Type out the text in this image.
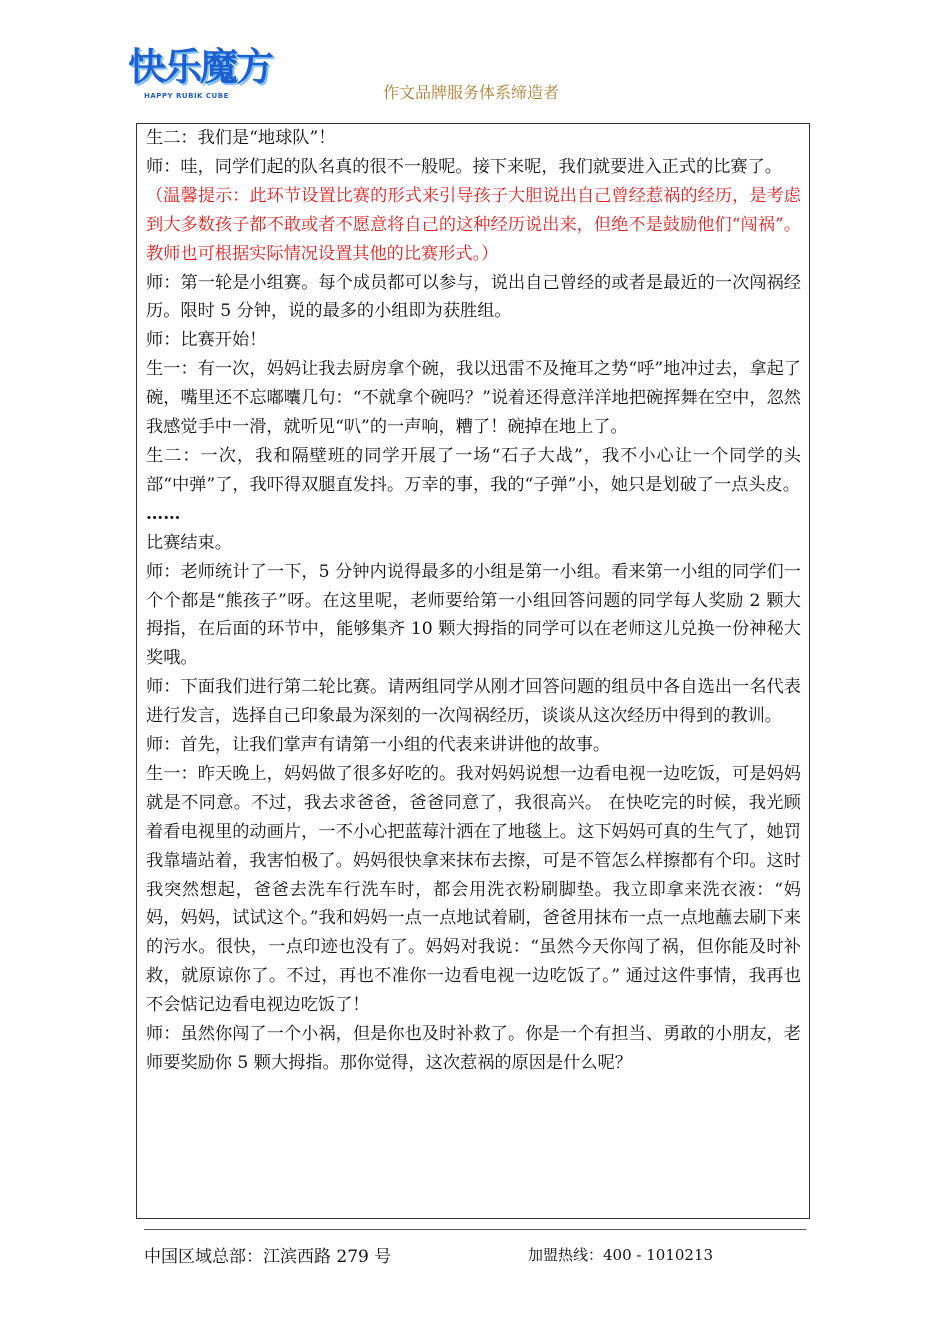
快乐魔方
HAPPY RUBIK CUBE	作文品牌服务体系缔造者

生二：我们是“地球队”！

师：哇，同学们起的队名真的很不一般呢。接下来呢，我们就要进入正式的比赛了。

（温馨提示：此环节设置比赛的形式来引导孩子大胆说出自己曾经惹祸的经历，是考虑到大多数孩子都不敢或者不愿意将自己的这种经历说出来，但绝不是鼓励他们“闯祸”。教师也可根据实际情况设置其他的比赛形式。）

师：第一轮是小组赛。每个成员都可以参与，说出自己曾经的或者是最近的一次闯祸经历。限时 5 分钟，说的最多的小组即为获胜组。

师：比赛开始！

生一：有一次，妈妈让我去厨房拿个碗，我以迅雷不及掩耳之势“呼”地冲过去，拿起了碗，嘴里还不忘嘟囔几句：“不就拿个碗吗？”说着还得意洋洋地把碗挥舞在空中，忽然我感觉手中一滑，就听见“叭”的一声响，糟了！碗掉在地上了。

生二：一次，我和隔壁班的同学开展了一场“石子大战”，我不小心让一个同学的头部“中弹”了，我吓得双腿直发抖。万幸的事，我的“子弹”小，她只是划破了一点头皮。

……

比赛结束。

师：老师统计了一下，5 分钟内说得最多的小组是第一小组。看来第一小组的同学们一个个都是“熊孩子”呀。在这里呢，老师要给第一小组回答问题的同学每人奖励 2 颗大拇指，在后面的环节中，能够集齐 10 颗大拇指的同学可以在老师这儿兑换一份神秘大奖哦。

师：下面我们进行第二轮比赛。请两组同学从刚才回答问题的组员中各自选出一名代表进行发言，选择自己印象最为深刻的一次闯祸经历，谈谈从这次经历中得到的教训。

师：首先，让我们掌声有请第一小组的代表来讲讲他的故事。

生一：昨天晚上，妈妈做了很多好吃的。我对妈妈说想一边看电视一边吃饭，可是妈妈就是不同意。不过，我去求爸爸，爸爸同意了，我很高兴。 在快吃完的时候，我光顾着看电视里的动画片，一不小心把蓝莓汁洒在了地毯上。这下妈妈可真的生气了，她罚我靠墙站着，我害怕极了。妈妈很快拿来抹布去擦，可是不管怎么样擦都有个印。这时我突然想起，爸爸去洗车行洗车时，都会用洗衣粉刷脚垫。我立即拿来洗衣液：“妈妈，妈妈，试试这个。”我和妈妈一点一点地试着刷，爸爸用抹布一点一点地蘸去刷下来的污水。很快，一点印迹也没有了。妈妈对我说：“虽然今天你闯了祸，但你能及时补救，就原谅你了。不过，再也不准你一边看电视一边吃饭了。” 通过这件事情，我再也不会惦记边看电视边吃饭了！

师：虽然你闯了一个小祸，但是你也及时补救了。你是一个有担当、勇敢的小朋友，老师要奖励你 5 颗大拇指。那你觉得，这次惹祸的原因是什么呢？

中国区域总部：江滨西路 279 号	加盟热线：400 - 1010213
